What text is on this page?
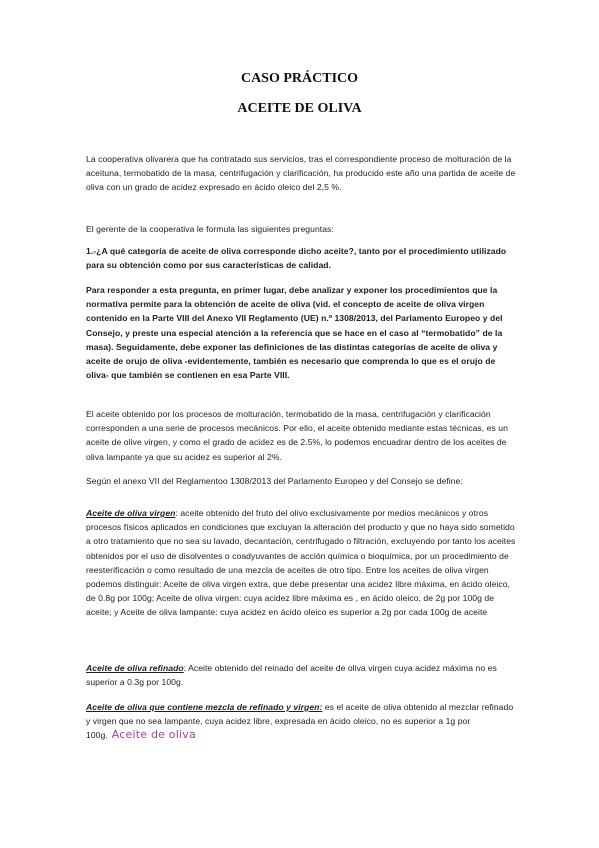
CASO PRÁCTICO
ACEITE DE OLIVA
La cooperativa olivarera que ha contratado sus servicios, tras el correspondiente proceso de molturación de la aceituna, termobatido de la masa, centrifugación y clarificación, ha producido este año una partida de aceite de oliva con un grado de acidez expresado en ácido oleico del 2,5 %.
El gerente de la cooperativa le formula las siguientes preguntas:
1.-¿A qué categoría de aceite de oliva corresponde dicho aceite?, tanto por el procedimiento utilizado para su obtención como por sus características de calidad.
Para responder a esta pregunta, en primer lugar, debe analizar y exponer los procedimientos que la normativa permite para la obtención de aceite de oliva (vid. el concepto de aceite de oliva virgen contenido en la Parte VIII del Anexo VII Reglamento (UE) n.º 1308/2013, del Parlamento Europeo y del Consejo, y preste una especial atención a la referencia que se hace en el caso al “termobatido” de la masa). Seguidamente, debe exponer las definiciones de las distintas categorías de aceite de oliva y aceite de orujo de oliva -evidentemente, también es necesario que comprenda lo que es el orujo de oliva- que también se contienen en esa Parte VIII.
El aceite obtenido por los procesos de molturación, termobatido de la masa, centrifugación y clarificación corresponden a una serie de procesos mecánicos. Por ello, el aceite obtenido mediante estas técnicas, es un aceite de olive virgen, y como el grado de acidez es de 2.5%, lo podemos encuadrar dentro de los aceites de oliva lampante ya que su acidez es superior al 2%.
Según el anexo VII del Reglamentoo 1308/2013 del Parlamento Europeo y del Consejo se define:
Aceite de oliva virgen: aceite obtenido del fruto del olivo exclusivamente por medios mecánicos y otros procesos físicos aplicados en condiciones que excluyan la alteración del producto y que no haya sido sometido a otro tratamiento que no sea su lavado, decantación, centrifugado o filtración, excluyendo por tanto los aceites obtenidos por el uso de disolventes o coadyuvantes de acción química o bioquímica, por un procedimiento de reesterificación o como resultado de una mezcla de aceites de otro tipo. Entre los aceites de oliva virgen podemos distinguir: Aceite de oliva virgen extra, que debe presentar una acidez libre máxima, en ácido oleico, de 0.8g por 100g; Aceite de oliva virgen: cuya acidez libre máxima es , en ácido oleico, de 2g por 100g de aceite; y Aceite de oliva lampante: cuya acidez en ácido oleico es superior a 2g por cada 100g de aceite
Aceite de oliva refinado: Aceite obtenido del reinado del aceite de oliva virgen cuya acidez máxima no es superior a 0.3g por 100g.
Aceite de oliva que contiene mezcla de refinado y virgen: es el aceite de oliva obtenido al mezclar refinado y virgen que no sea lampante, cuya acidez libre, expresada en ácido oleico, no es superior a 1g por 100g. Aceite de oliva
